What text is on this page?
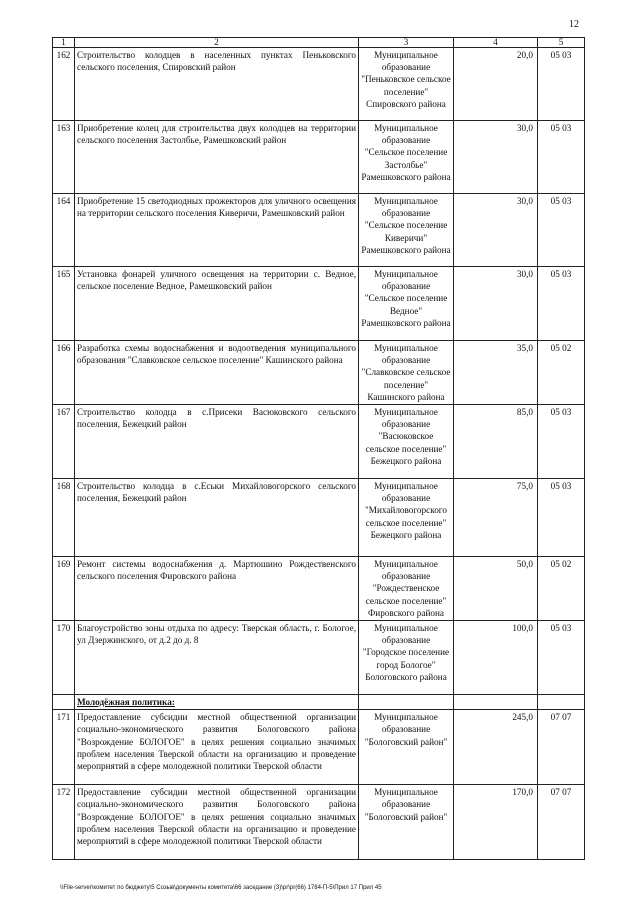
12
1	2	3	4	5
162	Строительство колодцев в населенных пунктах Пеньковского сельского поселения, Спировский район	Муниципальное образование "Пеньковское сельское поселение" Спировского района	20,0	05 03
163	Приобретение колец для строительства двух колодцев на территории сельского поселения Застолбье, Рамешковский район	Муниципальное образование "Сельское поселение Застолбье" Рамешковского района	30,0	05 03
164	Приобретение 15 светодиодных прожекторов для уличного освещения на территории сельского поселения Киверичи, Рамешковский район	Муниципальное образование "Сельское поселение Киверичи" Рамешковского района	30,0	05 03
165	Установка фонарей уличного освещения на территории с. Ведное, сельское поселение Ведное, Рамешковский район	Муниципальное образование "Сельское поселение Ведное" Рамешковского района	30,0	05 03
166	Разработка схемы водоснабжения и водоотведения муниципального образования "Славковское сельское поселение" Кашинского района	Муниципальное образование "Славковское сельское поселение" Кашинского района	35,0	05 02
167	Строительство колодца в с.Присеки Васюковского сельского поселения, Бежецкий район	Муниципальное образование "Васюковское сельское поселение" Бежецкого района	85,0	05 03
168	Строительство колодца в с.Еськи Михайловогорского сельского поселения, Бежецкий район	Муниципальное образование "Михайловогорского сельское поселение" Бежецкого района	75,0	05 03
169	Ремонт системы водоснабжения д. Мартюшино Рождественского сельского поселения Фировского района	Муниципальное образование "Рождественское сельское поселение" Фировского района	50,0	05 02
170	Благоустройство зоны отдыха по адресу: Тверская область, г. Бологое, ул Дзержинского, от д.2 до д. 8	Муниципальное образование "Городское поселение город Бологое" Бологовского района	100,0	05 03
	Молодёжная политика:			
171	Предоставление субсидии местной общественной организации социально-экономического развития Бологовского района "Возрождение БОЛОГОЕ" в целях решения социально значимых проблем населения Тверской области на организацию и проведение мероприятий в сфере молодежной политики Тверской области	Муниципальное образование "Бологовский район"	245,0	07 07
172	Предоставление субсидии местной общественной организации социально-экономического развития Бологовского района "Возрождение БОЛОГОЕ" в целях решения социально значимых проблем населения Тверской области на организацию и проведение мероприятий в сфере молодежной политики Тверской области	Муниципальное образование "Бологовский район"	170,0	07 07
\\File-server\комитет по бюджету\5 Созыв\документы комитета\66 заседание (3)\pr\pr(66) 1784-П-5\Прил 17 Прил 45
